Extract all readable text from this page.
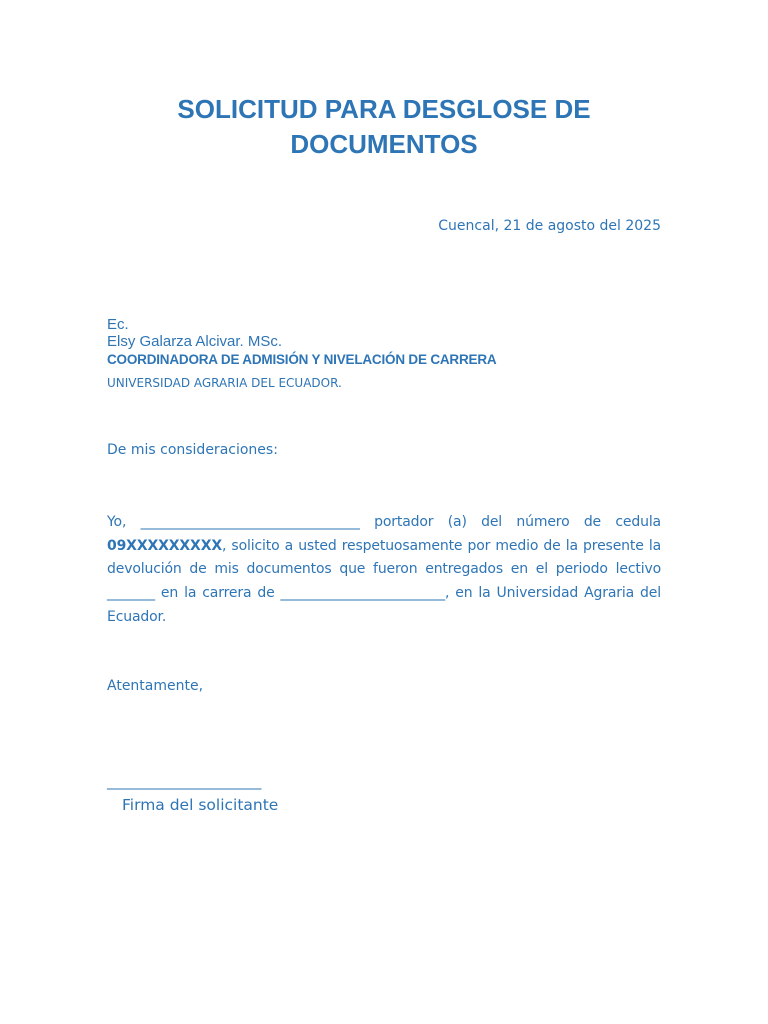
SOLICITUD PARA DESGLOSE DE DOCUMENTOS
Cuencal, 21 de agosto del 2025
Ec.
Elsy Galarza Alcivar. MSc.
COORDINADORA DE ADMISIÓN Y NIVELACIÓN DE CARRERA
UNIVERSIDAD AGRARIA DEL ECUADOR.
De mis consideraciones:
Yo, ________________________________ portador (a) del número de cedula 09XXXXXXXXX, solicito a usted respetuosamente por medio de la presente la devolución de mis documentos que fueron entregados en el periodo lectivo _______ en la carrera de ________________________, en la Universidad Agraria del Ecuador.
Atentamente,
_______________________
Firma del solicitante
